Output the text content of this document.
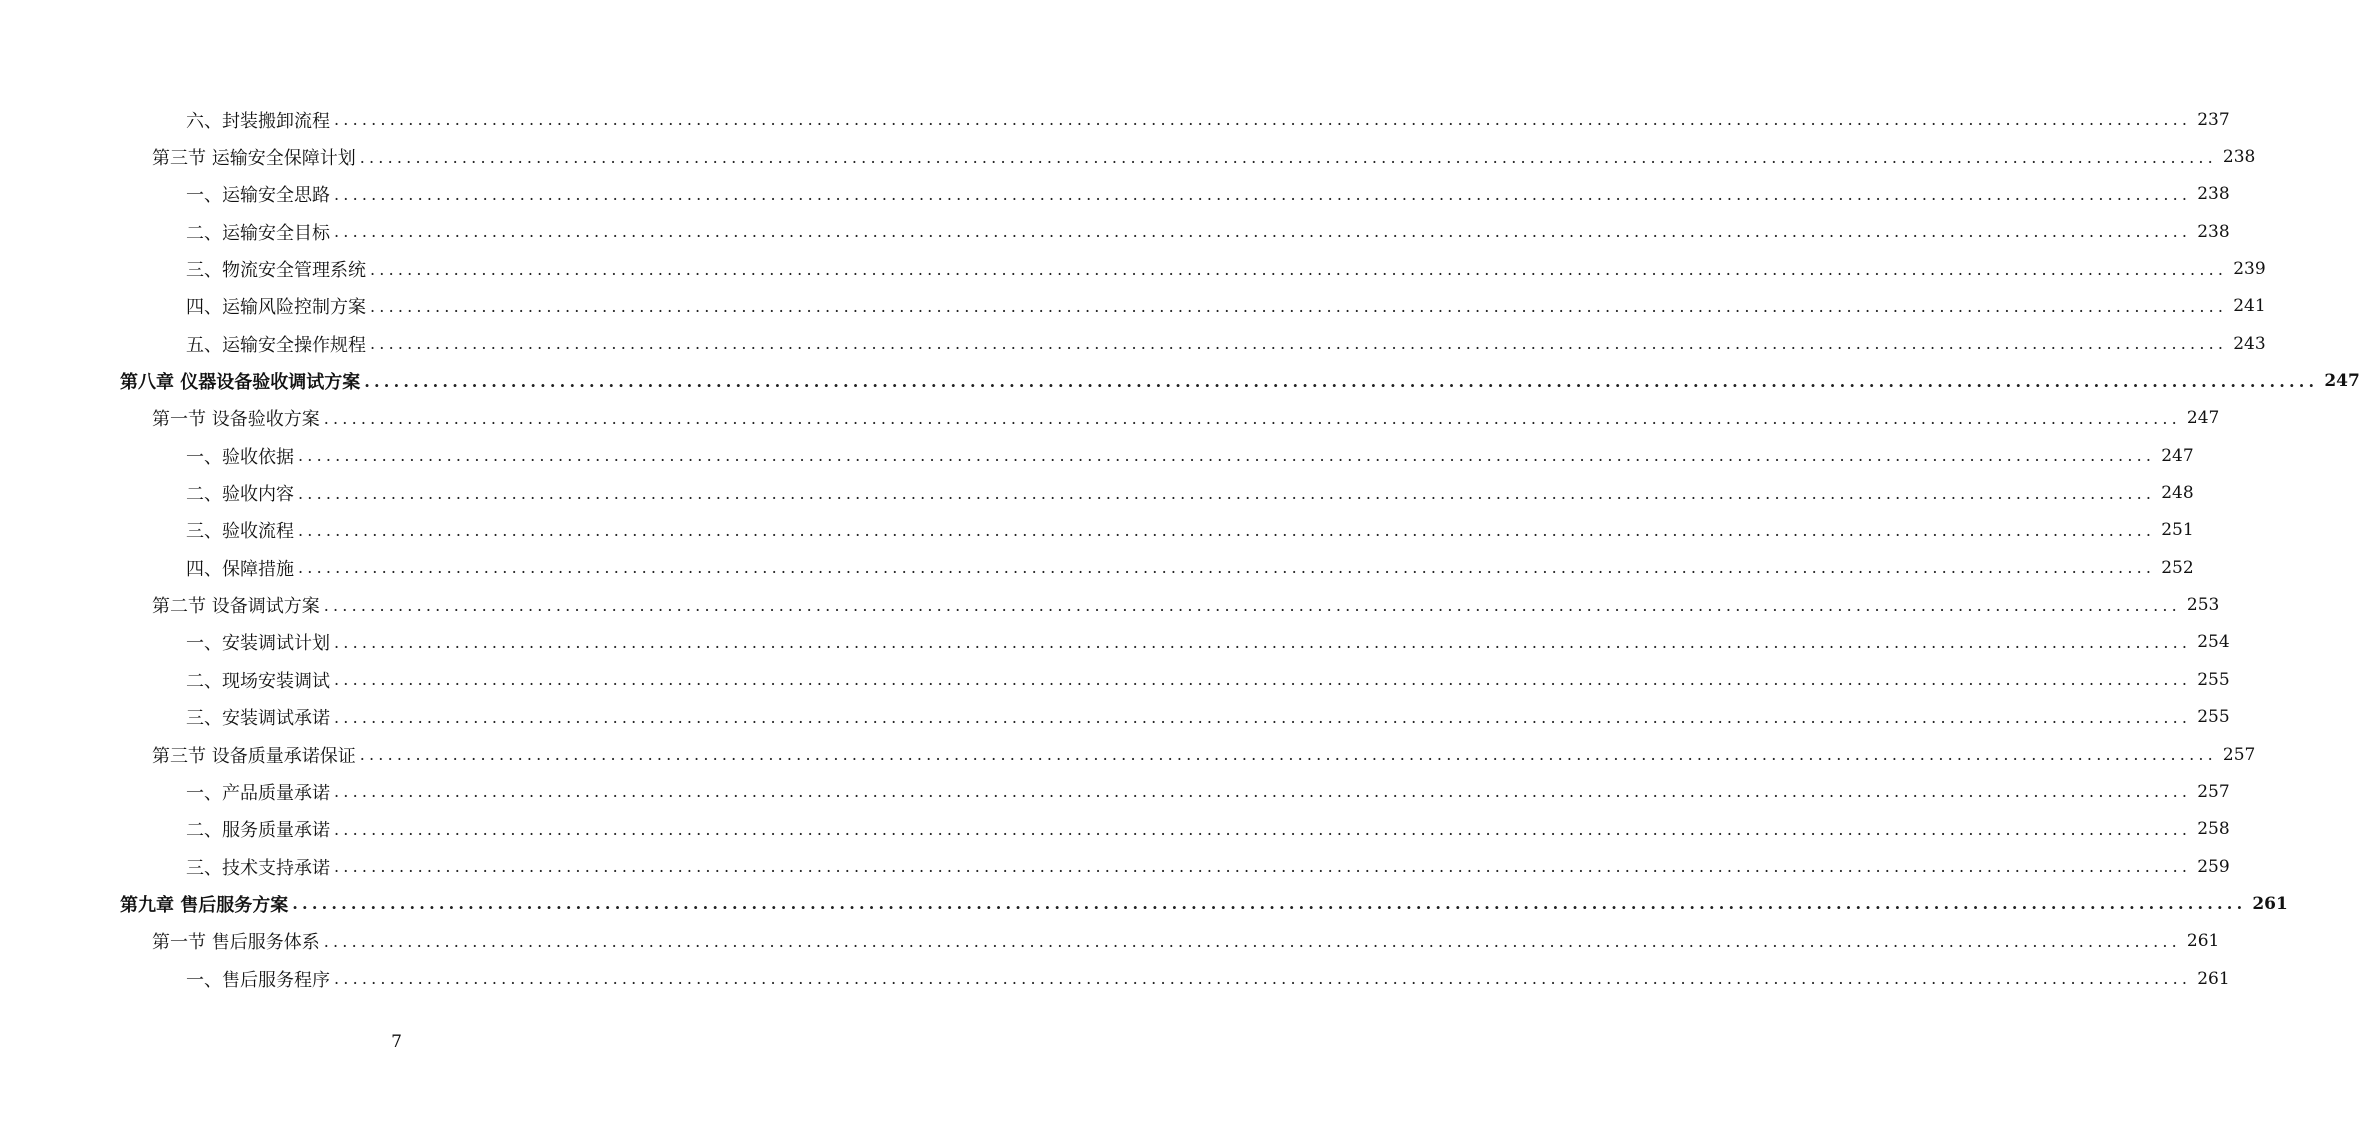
六、封装搬卸流程 ........................................................................................................................................................................................................ 237
第三节 运输安全保障计划 ........................................................................................................................................................................................................ 238
一、运输安全思路 ........................................................................................................................................................................................................ 238
二、运输安全目标 ........................................................................................................................................................................................................ 238
三、物流安全管理系统 ........................................................................................................................................................................................................ 239
四、运输风险控制方案 ........................................................................................................................................................................................................ 241
五、运输安全操作规程 ........................................................................................................................................................................................................ 243
第八章 仪器设备验收调试方案 ........................................................................................................................................................................................................ 247
第一节 设备验收方案 ........................................................................................................................................................................................................ 247
一、验收依据 ........................................................................................................................................................................................................ 247
二、验收内容 ........................................................................................................................................................................................................ 248
三、验收流程 ........................................................................................................................................................................................................ 251
四、保障措施 ........................................................................................................................................................................................................ 252
第二节 设备调试方案 ........................................................................................................................................................................................................ 253
一、安装调试计划 ........................................................................................................................................................................................................ 254
二、现场安装调试 ........................................................................................................................................................................................................ 255
三、安装调试承诺 ........................................................................................................................................................................................................ 255
第三节 设备质量承诺保证 ........................................................................................................................................................................................................ 257
一、产品质量承诺 ........................................................................................................................................................................................................ 257
二、服务质量承诺 ........................................................................................................................................................................................................ 258
三、技术支持承诺 ........................................................................................................................................................................................................ 259
第九章 售后服务方案 ........................................................................................................................................................................................................ 261
第一节 售后服务体系 ........................................................................................................................................................................................................ 261
一、售后服务程序 ........................................................................................................................................................................................................ 261
7
